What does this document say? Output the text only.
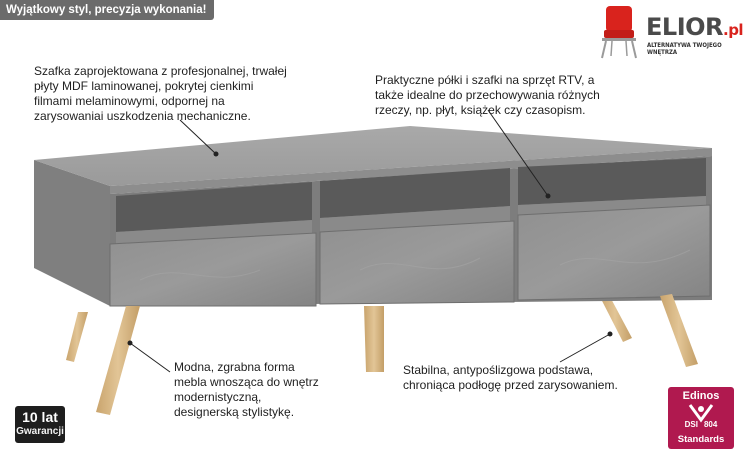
Wyjątkowy styl, precyzja wykonania!
ELIOR.pl
ALTERNATYWA TWOJEGO WNĘTRZA
Szafka zaprojektowana z profesjonalnej, trwałej
płyty MDF laminowanej, pokrytej cienkimi
filmami melaminowymi, odpornej na
zarysowaniai uszkodzenia mechaniczne.
Praktyczne półki i szafki na sprzęt RTV, a
także idealne do przechowywania różnych
rzeczy, np. płyt, książek czy czasopism.
Modna, zgrabna forma
mebla wnosząca do wnętrz
modernistyczną,
designerską stylistykę.
Stabilna, antypoślizgowa podstawa,
chroniąca podłogę przed zarysowaniem.
10 lat
Gwarancji
Edinos
DSI 804
Standards
